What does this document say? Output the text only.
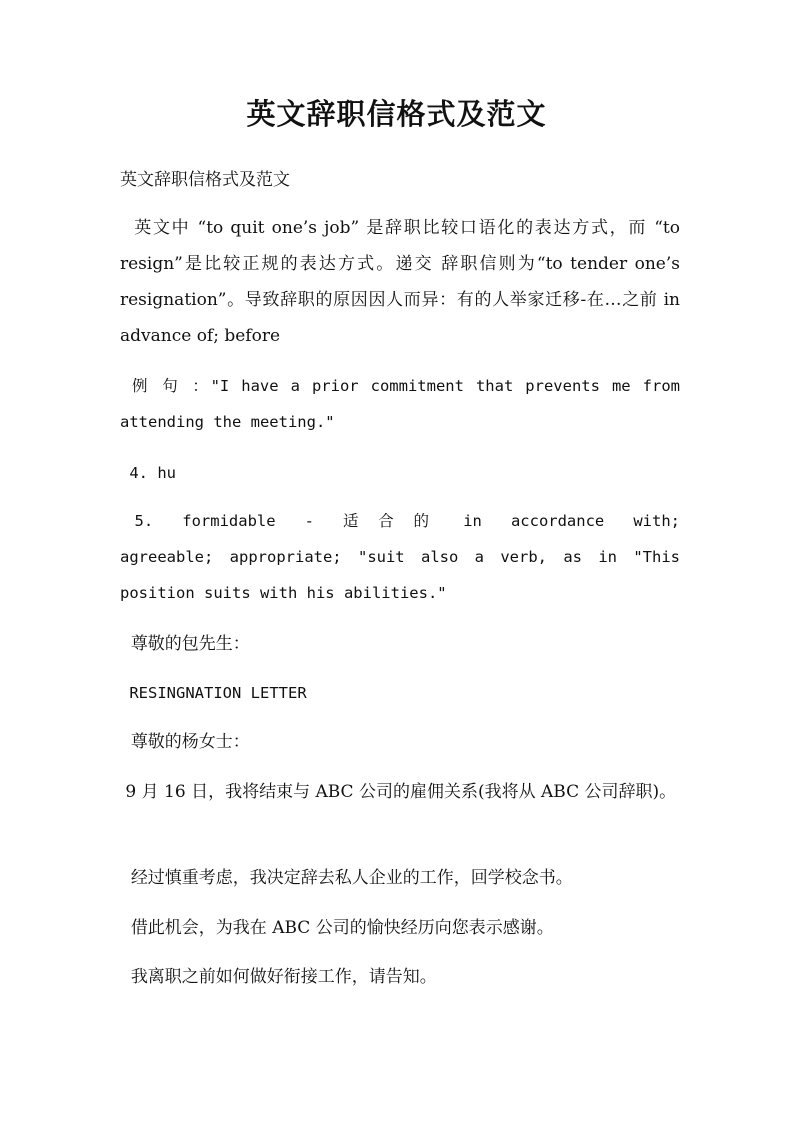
英文辞职信格式及范文

英文辞职信格式及范文

英文中 “to quit one’s job” 是辞职比较口语化的表达方式，而 “to resign”是比较正规的表达方式。递交 辞职信则为“to tender one’s resignation”。导致辞职的原因因人而异：有的人举家迁移-在…之前 in advance of; before

例 句 ："I have a prior commitment that prevents me from attending the meeting."

4. hu

5.  formidable  -  适 合 的  in  accordance  with;  agreeable; appropriate; "suit also a verb, as in "This position suits with his abilities."

尊敬的包先生：

RESINGNATION LETTER

尊敬的杨女士：

9 月 16 日，我将结束与 ABC 公司的雇佣关系(我将从 ABC 公司辞职)。

经过慎重考虑，我决定辞去私人企业的工作，回学校念书。

借此机会，为我在 ABC 公司的愉快经历向您表示感谢。

我离职之前如何做好衔接工作，请告知。
